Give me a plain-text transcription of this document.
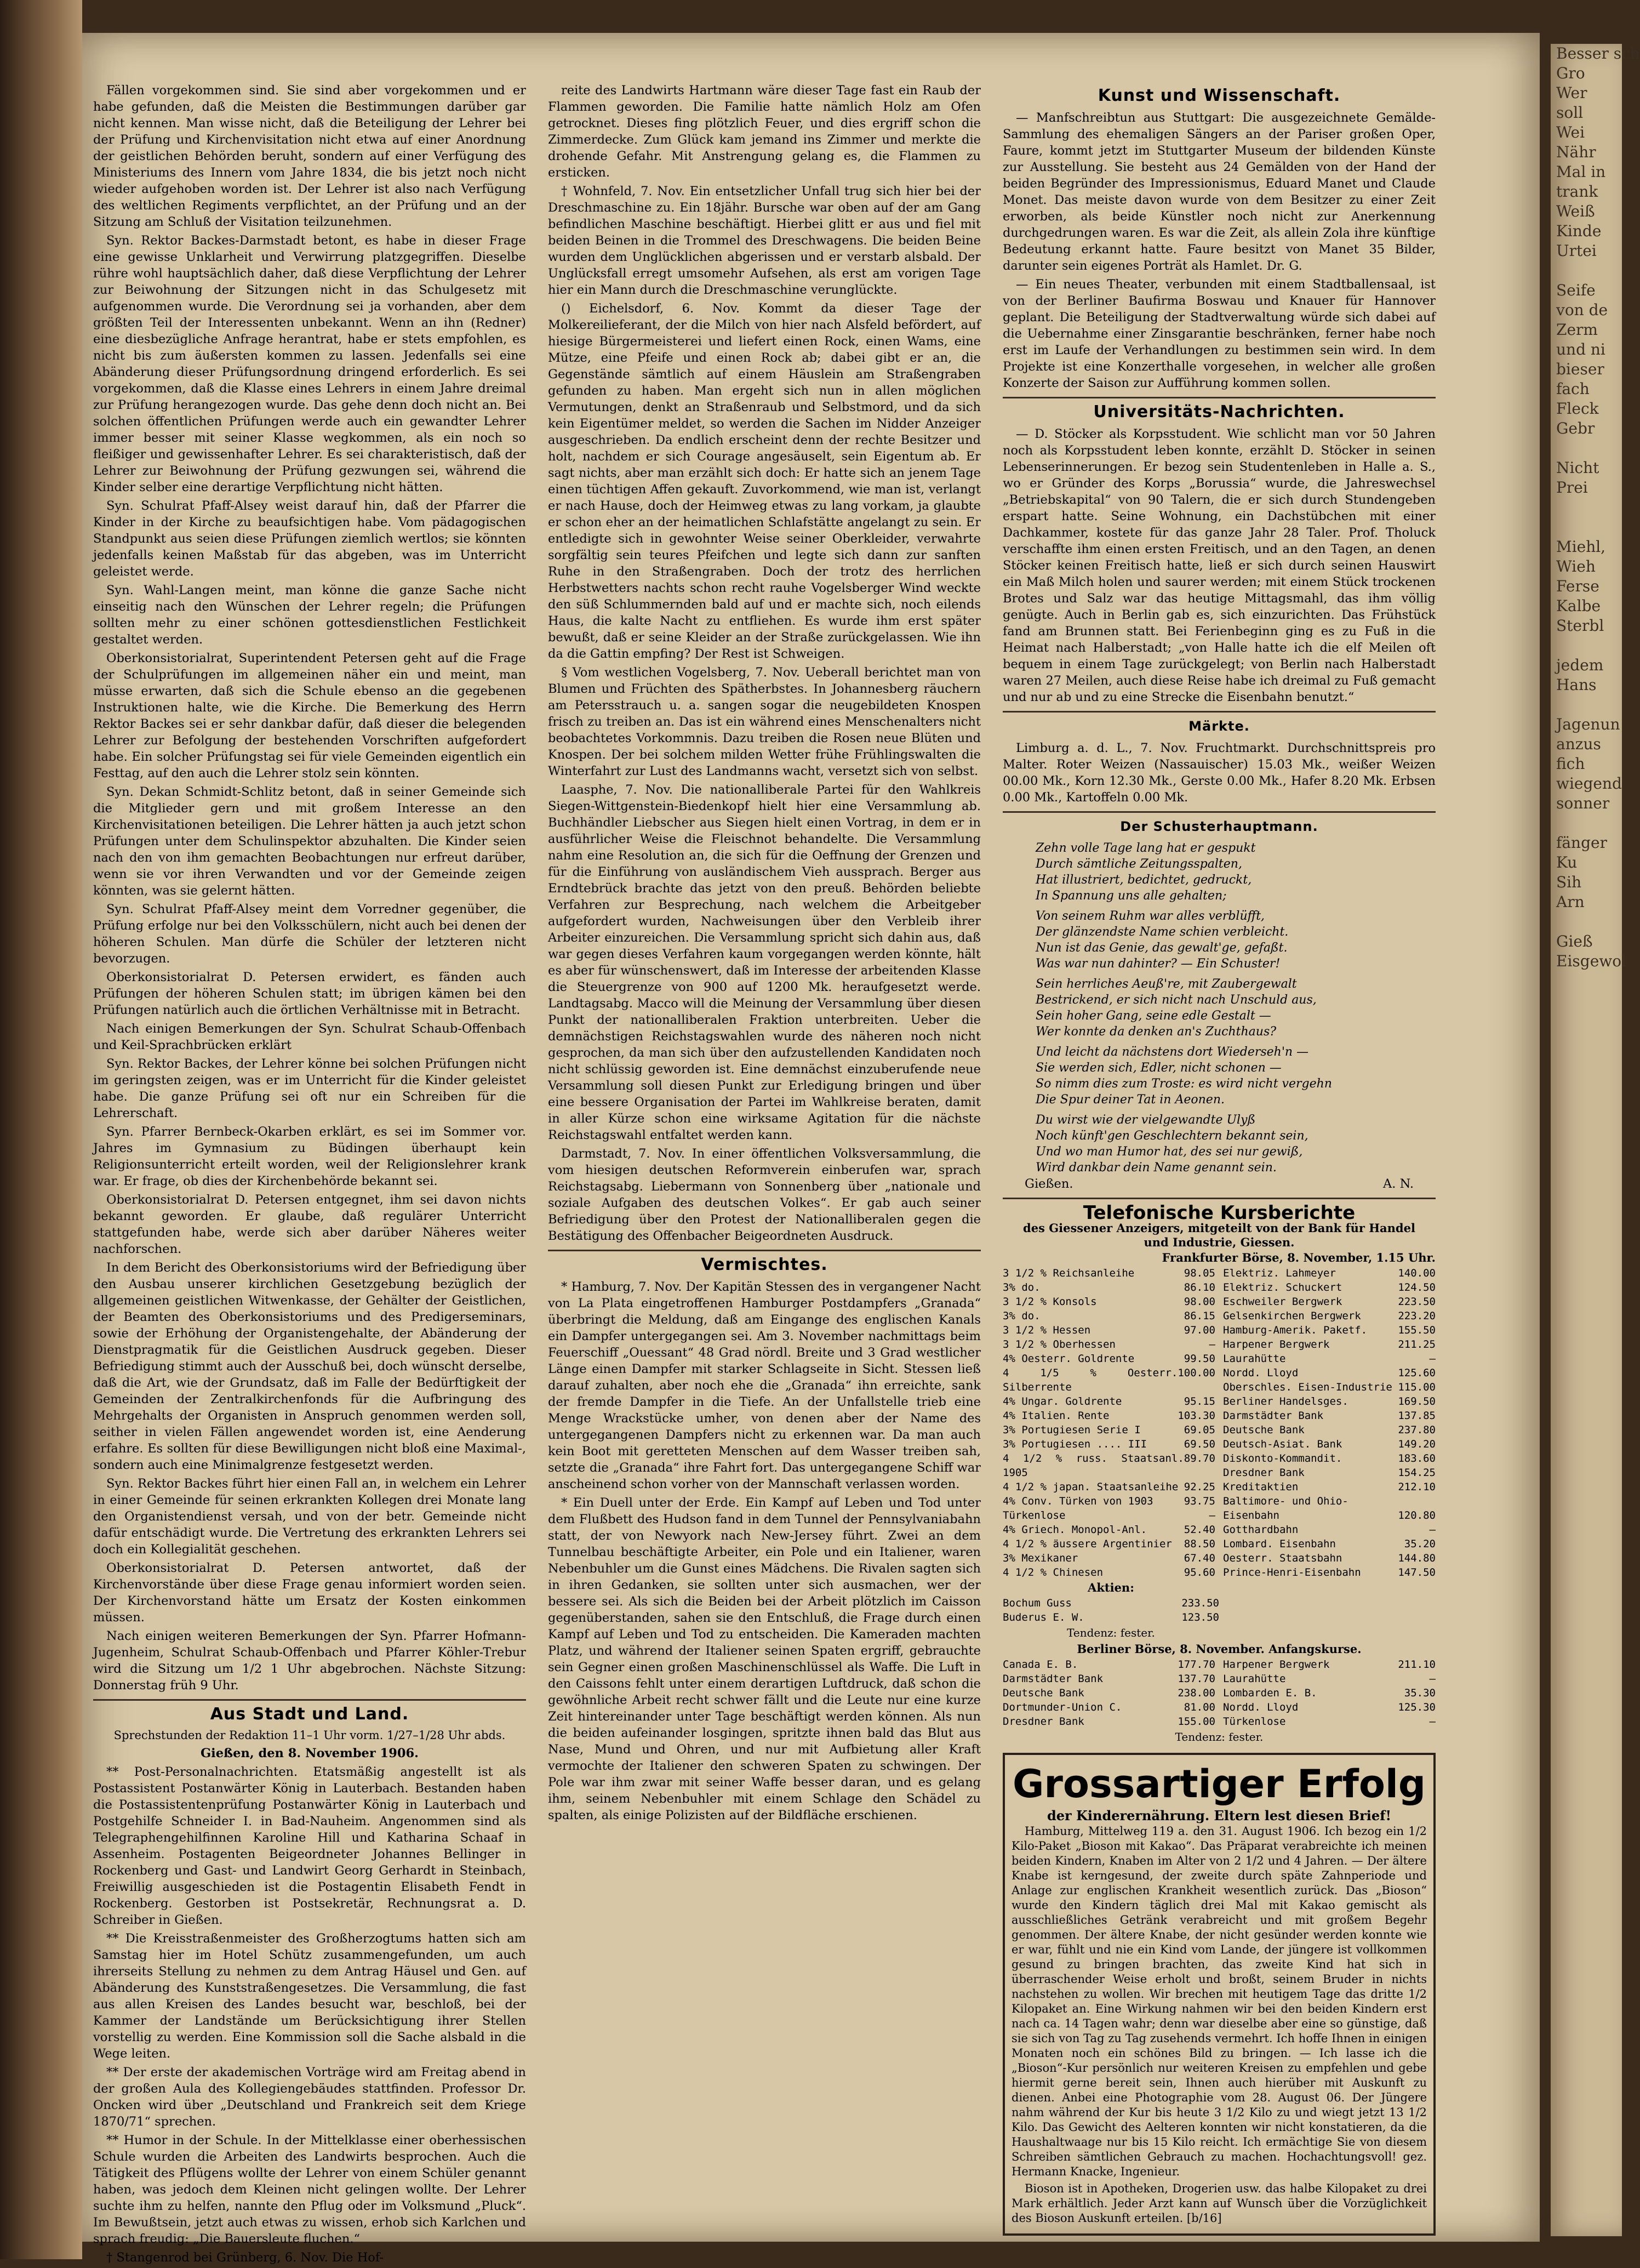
Besser sch
Gro
Wer
soll
Wei
Nähr
Mal in
trank
Weiß
Kinde
Urtei

Seife
von de
Zerm
und ni
bieser
fach
Fleck
Gebr

Nicht
Prei

Miehl,
Wieh
Ferse
Kalbe
Sterbl

jedem
Hans

Jagenun
anzus
fich
wiegend
sonner

fänger
Ku
Sih
Arn

Gieß
Eisgewol

Fällen vorgekommen sind. Sie sind aber vorgekommen und er habe gefunden, daß die Meisten die Bestimmungen darüber gar nicht kennen. Man wisse nicht, daß die Beteiligung der Lehrer bei der Prüfung und Kirchenvisitation nicht etwa auf einer Anordnung der geistlichen Behörden beruht, sondern auf einer Verfügung des Ministeriums des Innern vom Jahre 1834, die bis jetzt noch nicht wieder aufgehoben worden ist. Der Lehrer ist also nach Verfügung des weltlichen Regiments verpflichtet, an der Prüfung und an der Sitzung am Schluß der Visitation teilzunehmen.

Syn. Rektor Backes-Darmstadt betont, es habe in dieser Frage eine gewisse Unklarheit und Verwirrung platzgegriffen. Dieselbe rühre wohl hauptsächlich daher, daß diese Verpflichtung der Lehrer zur Beiwohnung der Sitzungen nicht in das Schulgesetz mit aufgenommen wurde. Die Verordnung sei ja vorhanden, aber dem größten Teil der Interessenten unbekannt. Wenn an ihn (Redner) eine diesbezügliche Anfrage herantrat, habe er stets empfohlen, es nicht bis zum äußersten kommen zu lassen. Jedenfalls sei eine Abänderung dieser Prüfungsordnung dringend erforderlich. Es sei vorgekommen, daß die Klasse eines Lehrers in einem Jahre dreimal zur Prüfung herangezogen wurde. Das gehe denn doch nicht an. Bei solchen öffentlichen Prüfungen werde auch ein gewandter Lehrer immer besser mit seiner Klasse wegkommen, als ein noch so fleißiger und gewissenhafter Lehrer. Es sei charakteristisch, daß der Lehrer zur Beiwohnung der Prüfung gezwungen sei, während die Kinder selber eine derartige Verpflichtung nicht hätten.

Syn. Schulrat Pfaff-Alsey weist darauf hin, daß der Pfarrer die Kinder in der Kirche zu beaufsichtigen habe. Vom pädagogischen Standpunkt aus seien diese Prüfungen ziemlich wertlos; sie könnten jedenfalls keinen Maßstab für das abgeben, was im Unterricht geleistet werde.

Syn. Wahl-Langen meint, man könne die ganze Sache nicht einseitig nach den Wünschen der Lehrer regeln; die Prüfungen sollten mehr zu einer schönen gottesdienstlichen Festlichkeit gestaltet werden.

Oberkonsistorialrat, Superintendent Petersen geht auf die Frage der Schulprüfungen im allgemeinen näher ein und meint, man müsse erwarten, daß sich die Schule ebenso an die gegebenen Instruktionen halte, wie die Kirche. Die Bemerkung des Herrn Rektor Backes sei er sehr dankbar dafür, daß dieser die belegenden Lehrer zur Befolgung der bestehenden Vorschriften aufgefordert habe. Ein solcher Prüfungstag sei für viele Gemeinden eigentlich ein Festtag, auf den auch die Lehrer stolz sein könnten.

Syn. Dekan Schmidt-Schlitz betont, daß in seiner Gemeinde sich die Mitglieder gern und mit großem Interesse an den Kirchenvisitationen beteiligen. Die Lehrer hätten ja auch jetzt schon Prüfungen unter dem Schulinspektor abzuhalten. Die Kinder seien nach den von ihm gemachten Beobachtungen nur erfreut darüber, wenn sie vor ihren Verwandten und vor der Gemeinde zeigen könnten, was sie gelernt hätten.

Syn. Schulrat Pfaff-Alsey meint dem Vorredner gegenüber, die Prüfung erfolge nur bei den Volksschülern, nicht auch bei denen der höheren Schulen. Man dürfe die Schüler der letzteren nicht bevorzugen.

Oberkonsistorialrat D. Petersen erwidert, es fänden auch Prüfungen der höheren Schulen statt; im übrigen kämen bei den Prüfungen natürlich auch die örtlichen Verhältnisse mit in Betracht.

Nach einigen Bemerkungen der Syn. Schulrat Schaub-Offenbach und Keil-Sprachbrücken erklärt

Syn. Rektor Backes, der Lehrer könne bei solchen Prüfungen nicht im geringsten zeigen, was er im Unterricht für die Kinder geleistet habe. Die ganze Prüfung sei oft nur ein Schreiben für die Lehrerschaft.

Syn. Pfarrer Bernbeck-Okarben erklärt, es sei im Sommer vor. Jahres im Gymnasium zu Büdingen überhaupt kein Religionsunterricht erteilt worden, weil der Religionslehrer krank war. Er frage, ob dies der Kirchenbehörde bekannt sei.

Oberkonsistorialrat D. Petersen entgegnet, ihm sei davon nichts bekannt geworden. Er glaube, daß regulärer Unterricht stattgefunden habe, werde sich aber darüber Näheres weiter nachforschen.

In dem Bericht des Oberkonsistoriums wird der Befriedigung über den Ausbau unserer kirchlichen Gesetzgebung bezüglich der allgemeinen geistlichen Witwenkasse, der Gehälter der Geistlichen, der Beamten des Oberkonsistoriums und des Predigerseminars, sowie der Erhöhung der Organistengehalte, der Abänderung der Dienstpragmatik für die Geistlichen Ausdruck gegeben. Dieser Befriedigung stimmt auch der Ausschuß bei, doch wünscht derselbe, daß die Art, wie der Grundsatz, daß im Falle der Bedürftigkeit der Gemeinden der Zentralkirchenfonds für die Aufbringung des Mehrgehalts der Organisten in Anspruch genommen werden soll, seither in vielen Fällen angewendet worden ist, eine Aenderung erfahre. Es sollten für diese Bewilligungen nicht bloß eine Maximal-, sondern auch eine Minimalgrenze festgesetzt werden.

Syn. Rektor Backes führt hier einen Fall an, in welchem ein Lehrer in einer Gemeinde für seinen erkrankten Kollegen drei Monate lang den Organistendienst versah, und von der betr. Gemeinde nicht dafür entschädigt wurde. Die Vertretung des erkrankten Lehrers sei doch ein Kollegialität geschehen.

Oberkonsistorialrat D. Petersen antwortet, daß der Kirchenvorstände über diese Frage genau informiert worden seien. Der Kirchenvorstand hätte um Ersatz der Kosten einkommen müssen.

Nach einigen weiteren Bemerkungen der Syn. Pfarrer Hofmann-Jugenheim, Schulrat Schaub-Offenbach und Pfarrer Köhler-Trebur wird die Sitzung um 1/2 1 Uhr abgebrochen. Nächste Sitzung: Donnerstag früh 9 Uhr.

Aus Stadt und Land.
Sprechstunden der Redaktion 11–1 Uhr vorm. 1/27–1/28 Uhr abds.
Gießen, den 8. November 1906.

** Post-Personalnachrichten. Etatsmäßig angestellt ist als Postassistent Postanwärter König in Lauterbach. Bestanden haben die Postassistentenprüfung Postanwärter König in Lauterbach und Postgehilfe Schneider I. in Bad-Nauheim. Angenommen sind als Telegraphengehilfinnen Karoline Hill und Katharina Schaaf in Assenheim. Postagenten Beigeordneter Johannes Bellinger in Rockenberg und Gast- und Landwirt Georg Gerhardt in Steinbach, Freiwillig ausgeschieden ist die Postagentin Elisabeth Fendt in Rockenberg. Gestorben ist Postsekretär, Rechnungsrat a. D. Schreiber in Gießen.

** Die Kreisstraßenmeister des Großherzogtums hatten sich am Samstag hier im Hotel Schütz zusammengefunden, um auch ihrerseits Stellung zu nehmen zu dem Antrag Häusel und Gen. auf Abänderung des Kunststraßengesetzes. Die Versammlung, die fast aus allen Kreisen des Landes besucht war, beschloß, bei der Kammer der Landstände um Berücksichtigung ihrer Stellen vorstellig zu werden. Eine Kommission soll die Sache alsbald in die Wege leiten.

** Der erste der akademischen Vorträge wird am Freitag abend in der großen Aula des Kollegiengebäudes stattfinden. Professor Dr. Oncken wird über „Deutschland und Frankreich seit dem Kriege 1870/71“ sprechen.

** Humor in der Schule. In der Mittelklasse einer oberhessischen Schule wurden die Arbeiten des Landwirts besprochen. Auch die Tätigkeit des Pflügens wollte der Lehrer von einem Schüler genannt haben, was jedoch dem Kleinen nicht gelingen wollte. Der Lehrer suchte ihm zu helfen, nannte den Pflug oder im Volksmund „Pluck“. Im Bewußtsein, jetzt auch etwas zu wissen, erhob sich Karlchen und sprach freudig: „Die Bauersleute fluchen.“

† Stangenrod bei Grünberg, 6. Nov. Die Hof-

reite des Landwirts Hartmann wäre dieser Tage fast ein Raub der Flammen geworden. Die Familie hatte nämlich Holz am Ofen getrocknet. Dieses fing plötzlich Feuer, und dies ergriff schon die Zimmerdecke. Zum Glück kam jemand ins Zimmer und merkte die drohende Gefahr. Mit Anstrengung gelang es, die Flammen zu ersticken.

† Wohnfeld, 7. Nov. Ein entsetzlicher Unfall trug sich hier bei der Dreschmaschine zu. Ein 18jähr. Bursche war oben auf der am Gang befindlichen Maschine beschäftigt. Hierbei glitt er aus und fiel mit beiden Beinen in die Trommel des Dreschwagens. Die beiden Beine wurden dem Unglücklichen abgerissen und er verstarb alsbald. Der Unglücksfall erregt umsomehr Aufsehen, als erst am vorigen Tage hier ein Mann durch die Dreschmaschine verunglückte.

() Eichelsdorf, 6. Nov. Kommt da dieser Tage der Molkereilieferant, der die Milch von hier nach Alsfeld befördert, auf hiesige Bürgermeisterei und liefert einen Rock, einen Wams, eine Mütze, eine Pfeife und einen Rock ab; dabei gibt er an, die Gegenstände sämtlich auf einem Häuslein am Straßengraben gefunden zu haben. Man ergeht sich nun in allen möglichen Vermutungen, denkt an Straßenraub und Selbstmord, und da sich kein Eigentümer meldet, so werden die Sachen im Nidder Anzeiger ausgeschrieben. Da endlich erscheint denn der rechte Besitzer und holt, nachdem er sich Courage angesäuselt, sein Eigentum ab. Er sagt nichts, aber man erzählt sich doch: Er hatte sich an jenem Tage einen tüchtigen Affen gekauft. Zuvorkommend, wie man ist, verlangt er nach Hause, doch der Heimweg etwas zu lang vorkam, ja glaubte er schon eher an der heimatlichen Schlafstätte angelangt zu sein. Er entledigte sich in gewohnter Weise seiner Oberkleider, verwahrte sorgfältig sein teures Pfeifchen und legte sich dann zur sanften Ruhe in den Straßengraben. Doch der trotz des herrlichen Herbstwetters nachts schon recht rauhe Vogelsberger Wind weckte den süß Schlummernden bald auf und er machte sich, noch eilends Haus, die kalte Nacht zu entfliehen. Es wurde ihm erst später bewußt, daß er seine Kleider an der Straße zurückgelassen. Wie ihn da die Gattin empfing? Der Rest ist Schweigen.

§ Vom westlichen Vogelsberg, 7. Nov. Ueberall berichtet man von Blumen und Früchten des Spätherbstes. In Johannesberg räuchern am Petersstrauch u. a. sangen sogar die neugebildeten Knospen frisch zu treiben an. Das ist ein während eines Menschenalters nicht beobachtetes Vorkommnis. Dazu treiben die Rosen neue Blüten und Knospen. Der bei solchem milden Wetter frühe Frühlingswalten die Winterfahrt zur Lust des Landmanns wacht, versetzt sich von selbst.

Laasphe, 7. Nov. Die nationalliberale Partei für den Wahlkreis Siegen-Wittgenstein-Biedenkopf hielt hier eine Versammlung ab. Buchhändler Liebscher aus Siegen hielt einen Vortrag, in dem er in ausführlicher Weise die Fleischnot behandelte. Die Versammlung nahm eine Resolution an, die sich für die Oeffnung der Grenzen und für die Einführung von ausländischem Vieh aussprach. Berger aus Erndtebrück brachte das jetzt von den preuß. Behörden beliebte Verfahren zur Besprechung, nach welchem die Arbeitgeber aufgefordert wurden, Nachweisungen über den Verbleib ihrer Arbeiter einzureichen. Die Versammlung spricht sich dahin aus, daß war gegen dieses Verfahren kaum vorgegangen werden könnte, hält es aber für wünschenswert, daß im Interesse der arbeitenden Klasse die Steuergrenze von 900 auf 1200 Mk. heraufgesetzt werde. Landtagsabg. Macco will die Meinung der Versammlung über diesen Punkt der nationalliberalen Fraktion unterbreiten. Ueber die demnächstigen Reichstagswahlen wurde des näheren noch nicht gesprochen, da man sich über den aufzustellenden Kandidaten noch nicht schlüssig geworden ist. Eine demnächst einzuberufende neue Versammlung soll diesen Punkt zur Erledigung bringen und über eine bessere Organisation der Partei im Wahlkreise beraten, damit in aller Kürze schon eine wirksame Agitation für die nächste Reichstagswahl entfaltet werden kann.

Darmstadt, 7. Nov. In einer öffentlichen Volksversammlung, die vom hiesigen deutschen Reformverein einberufen war, sprach Reichstagsabg. Liebermann von Sonnenberg über „nationale und soziale Aufgaben des deutschen Volkes“. Er gab auch seiner Befriedigung über den Protest der Nationalliberalen gegen die Bestätigung des Offenbacher Beigeordneten Ausdruck.

Vermischtes.

* Hamburg, 7. Nov. Der Kapitän Stessen des in vergangener Nacht von La Plata eingetroffenen Hamburger Postdampfers „Granada“ überbringt die Meldung, daß am Eingange des englischen Kanals ein Dampfer untergegangen sei. Am 3. November nachmittags beim Feuerschiff „Ouessant“ 48 Grad nördl. Breite und 3 Grad westlicher Länge einen Dampfer mit starker Schlagseite in Sicht. Stessen ließ darauf zuhalten, aber noch ehe die „Granada“ ihn erreichte, sank der fremde Dampfer in die Tiefe. An der Unfallstelle trieb eine Menge Wrackstücke umher, von denen aber der Name des untergegangenen Dampfers nicht zu erkennen war. Da man auch kein Boot mit geretteten Menschen auf dem Wasser treiben sah, setzte die „Granada“ ihre Fahrt fort. Das untergegangene Schiff war anscheinend schon vorher von der Mannschaft verlassen worden.

* Ein Duell unter der Erde. Ein Kampf auf Leben und Tod unter dem Flußbett des Hudson fand in dem Tunnel der Pennsylvaniabahn statt, der von Newyork nach New-Jersey führt. Zwei an dem Tunnelbau beschäftigte Arbeiter, ein Pole und ein Italiener, waren Nebenbuhler um die Gunst eines Mädchens. Die Rivalen sagten sich in ihren Gedanken, sie sollten unter sich ausmachen, wer der bessere sei. Als sich die Beiden bei der Arbeit plötzlich im Caisson gegenüberstanden, sahen sie den Entschluß, die Frage durch einen Kampf auf Leben und Tod zu entscheiden. Die Kameraden machten Platz, und während der Italiener seinen Spaten ergriff, gebrauchte sein Gegner einen großen Maschinenschlüssel als Waffe. Die Luft in den Caissons fehlt unter einem derartigen Luftdruck, daß schon die gewöhnliche Arbeit recht schwer fällt und die Leute nur eine kurze Zeit hintereinander unter Tage beschäftigt werden können. Als nun die beiden aufeinander losgingen, spritzte ihnen bald das Blut aus Nase, Mund und Ohren, und nur mit Aufbietung aller Kraft vermochte der Italiener den schweren Spaten zu schwingen. Der Pole war ihm zwar mit seiner Waffe besser daran, und es gelang ihm, seinem Nebenbuhler mit einem Schlage den Schädel zu spalten, als einige Polizisten auf der Bildfläche erschienen.

Kunst und Wissenschaft.

— Manfschreibtun aus Stuttgart: Die ausgezeichnete Gemälde-Sammlung des ehemaligen Sängers an der Pariser großen Oper, Faure, kommt jetzt im Stuttgarter Museum der bildenden Künste zur Ausstellung. Sie besteht aus 24 Gemälden von der Hand der beiden Begründer des Impressionismus, Eduard Manet und Claude Monet. Das meiste davon wurde von dem Besitzer zu einer Zeit erworben, als beide Künstler noch nicht zur Anerkennung durchgedrungen waren. Es war die Zeit, als allein Zola ihre künftige Bedeutung erkannt hatte. Faure besitzt von Manet 35 Bilder, darunter sein eigenes Porträt als Hamlet. Dr. G.

— Ein neues Theater, verbunden mit einem Stadtballensaal, ist von der Berliner Baufirma Boswau und Knauer für Hannover geplant. Die Beteiligung der Stadtverwaltung würde sich dabei auf die Uebernahme einer Zinsgarantie beschränken, ferner habe noch erst im Laufe der Verhandlungen zu bestimmen sein wird. In dem Projekte ist eine Konzerthalle vorgesehen, in welcher alle großen Konzerte der Saison zur Aufführung kommen sollen.

Universitäts-Nachrichten.

— D. Stöcker als Korpsstudent. Wie schlicht man vor 50 Jahren noch als Korpsstudent leben konnte, erzählt D. Stöcker in seinen Lebenserinnerungen. Er bezog sein Studentenleben in Halle a. S., wo er Gründer des Korps „Borussia“ wurde, die Jahreswechsel „Betriebskapital“ von 90 Talern, die er sich durch Stundengeben erspart hatte. Seine Wohnung, ein Dachstübchen mit einer Dachkammer, kostete für das ganze Jahr 28 Taler. Prof. Tholuck verschaffte ihm einen ersten Freitisch, und an den Tagen, an denen Stöcker keinen Freitisch hatte, ließ er sich durch seinen Hauswirt ein Maß Milch holen und saurer werden; mit einem Stück trockenen Brotes und Salz war das heutige Mittagsmahl, das ihm völlig genügte. Auch in Berlin gab es, sich einzurichten. Das Frühstück fand am Brunnen statt. Bei Ferienbeginn ging es zu Fuß in die Heimat nach Halberstadt; „von Halle hatte ich die elf Meilen oft bequem in einem Tage zurückgelegt; von Berlin nach Halberstadt waren 27 Meilen, auch diese Reise habe ich dreimal zu Fuß gemacht und nur ab und zu eine Strecke die Eisenbahn benutzt.“

Märkte.

Limburg a. d. L., 7. Nov. Fruchtmarkt. Durchschnittspreis pro Malter. Roter Weizen (Nassauischer) 15.03 Mk., weißer Weizen 00.00 Mk., Korn 12.30 Mk., Gerste 0.00 Mk., Hafer 8.20 Mk. Erbsen 0.00 Mk., Kartoffeln 0.00 Mk.

Der Schusterhauptmann.
Zehn volle Tage lang hat er gespukt
Durch sämtliche Zeitungsspalten,
Hat illustriert, bedichtet, gedruckt,
In Spannung uns alle gehalten;
Von seinem Ruhm war alles verblüfft,
Der glänzendste Name schien verbleicht.
Nun ist das Genie, das gewalt'ge, gefaßt.
Was war nun dahinter? — Ein Schuster!
Sein herrliches Aeuß're, mit Zaubergewalt
Bestrickend, er sich nicht nach Unschuld aus,
Sein hoher Gang, seine edle Gestalt —
Wer konnte da denken an's Zuchthaus?
Und leicht da nächstens dort Wiederseh'n —
Sie werden sich, Edler, nicht schonen —
So nimm dies zum Troste: es wird nicht vergehn
Die Spur deiner Tat in Aeonen.
Du wirst wie der vielgewandte Ulyß
Noch künft'gen Geschlechtern bekannt sein,
Und wo man Humor hat, des sei nur gewiß,
Wird dankbar dein Name genannt sein.
Gießen.	A. N.
Telefonische Kursberichte
des Giessener Anzeigers, mitgeteilt von der Bank für Handel
und Industrie, Giessen.
Frankfurter Börse, 8. November, 1.15 Uhr.
3 1/2 % Reichsanleihe	98.05
3% do.	86.10
3 1/2 % Konsols	98.00
3% do.	86.15
3 1/2 % Hessen	97.00
3 1/2 % Oberhessen	—
4% Oesterr. Goldrente	99.50
4 1/5 % Oesterr. Silberrente
100.00
4% Ungar. Goldrente	95.15
4% Italien. Rente	103.30
3% Portugiesen Serie I	69.05
3% Portugiesen .... III	69.50
4 1/2 % russ. Staatsanl. 1905
89.70
4 1/2 % japan. Staatsanleihe 92.25
4% Conv. Türken von 1903	93.75
Türkenlose	—
4% Griech. Monopol-Anl.	52.40
4 1/2 % äussere Argentinier 88.50
3% Mexikaner	67.40
4 1/2 % Chinesen	95.60
Elektriz. Lahmeyer	140.00
Elektriz. Schuckert	124.50
Eschweiler Bergwerk	223.50
Gelsenkirchen Bergwerk	223.20
Hamburg-Amerik. Paketf.	155.50
Harpener Bergwerk	211.25
Laurahütte	—
Nordd. Lloyd	125.60
Oberschles. Eisen-Industrie 115.00
Berliner Handelsges.	169.50
Darmstädter Bank	137.85
Deutsche Bank	237.80
Deutsch-Asiat. Bank	149.20
Diskonto-Kommandit.	183.60
Dresdner Bank	154.25
Kreditaktien	212.10
Baltimore- und Ohio-
Eisenbahn	120.80
Gotthardbahn	—
Lombard. Eisenbahn	35.20
Oesterr. Staatsbahn	144.80
Prince-Henri-Eisenbahn	147.50
Aktien:
Bochum Guss	233.50
Buderus E. W.	123.50
Tendenz: fester.
Berliner Börse, 8. November. Anfangskurse.
Canada E. B.	177.70
Darmstädter Bank	137.70
Deutsche Bank	238.00
Dortmunder-Union C.	81.00
Dresdner Bank	155.00
Harpener Bergwerk	211.10
Laurahütte	—
Lombarden E. B.	35.30
Nordd. Lloyd	125.30
Türkenlose	—
Tendenz: fester.
Grossartiger Erfolg
der Kinderernährung. Eltern lest diesen Brief!

Hamburg, Mittelweg 119 a. den 31. August 1906. Ich bezog ein 1/2 Kilo-Paket „Bioson mit Kakao“. Das Präparat verabreichte ich meinen beiden Kindern, Knaben im Alter von 2 1/2 und 4 Jahren. — Der ältere Knabe ist kerngesund, der zweite durch späte Zahnperiode und Anlage zur englischen Krankheit wesentlich zurück. Das „Bioson“ wurde den Kindern täglich drei Mal mit Kakao gemischt als ausschließliches Getränk verabreicht und mit großem Begehr genommen. Der ältere Knabe, der nicht gesünder werden konnte wie er war, fühlt und nie ein Kind vom Lande, der jüngere ist vollkommen gesund zu bringen brachten, das zweite Kind hat sich in überraschender Weise erholt und broßt, seinem Bruder in nichts nachstehen zu wollen. Wir brechen mit heutigem Tage das dritte 1/2 Kilopaket an. Eine Wirkung nahmen wir bei den beiden Kindern erst nach ca. 14 Tagen wahr; denn war dieselbe aber eine so günstige, daß sie sich von Tag zu Tag zusehends vermehrt. Ich hoffe Ihnen in einigen Monaten noch ein schönes Bild zu bringen. — Ich lasse ich die „Bioson“-Kur persönlich nur weiteren Kreisen zu empfehlen und gebe hiermit gerne bereit sein, Ihnen auch hierüber mit Auskunft zu dienen. Anbei eine Photographie vom 28. August 06. Der Jüngere nahm während der Kur bis heute 3 1/2 Kilo zu und wiegt jetzt 13 1/2 Kilo. Das Gewicht des Aelteren konnten wir nicht konstatieren, da die Haushaltwaage nur bis 15 Kilo reicht. Ich ermächtige Sie von diesem Schreiben sämtlichen Gebrauch zu machen. Hochachtungsvoll! gez. Hermann Knacke, Ingenieur.

Bioson ist in Apotheken, Drogerien usw. das halbe Kilopaket zu drei Mark erhältlich. Jeder Arzt kann auf Wunsch über die Vorzüglichkeit des Bioson Auskunft erteilen. [b/16]
